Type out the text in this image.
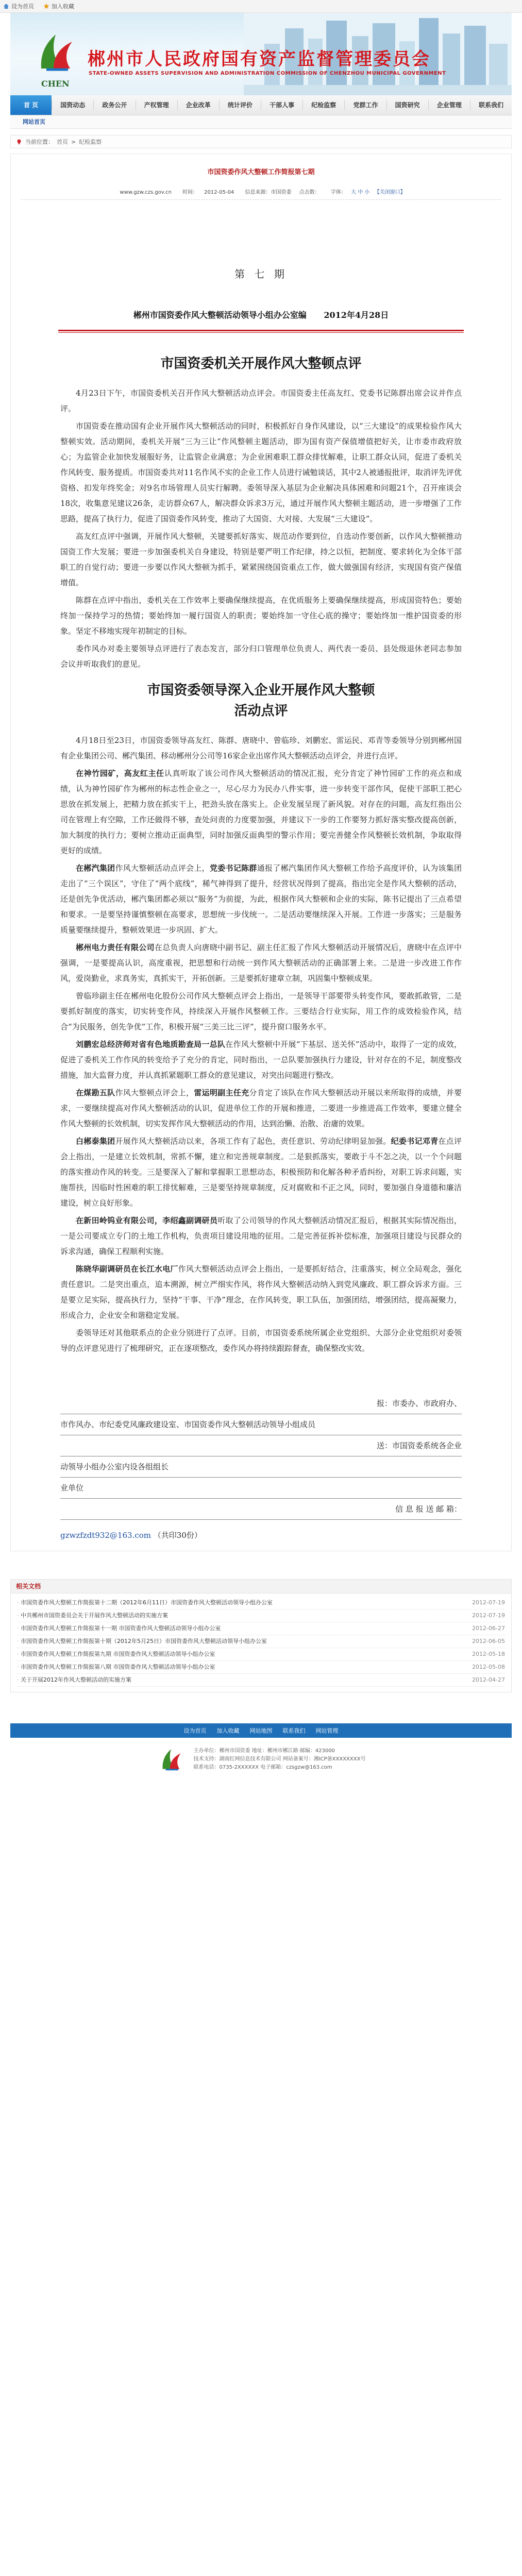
设为首页	加入收藏
CHEN
郴州市人民政府国有资产监督管理委员会
STATE-OWNED ASSETS SUPERVISION AND ADMINISTRATION COMMISSION OF CHENZHOU MUNICIPAL GOVERNMENT
首 页	国资动态	政务公开	产权管理	企业改革	统计评价	干部人事	纪检监察	党群工作	国资研究	企业管理	联系我们
网站首页
当前位置： 首页 > 纪检监察
市国资委作风大整顿工作简报第七期
www.gzw.czs.gov.cn 时间： 2012-05-04 信息来源：市国资委 点击数： 字体： 大 中 小 【关闭窗口】
第 七 期
郴州市国资委作风大整顿活动领导小组办公室编 2012年4月28日
市国资委机关开展作风大整顿点评

4月23日下午，市国资委机关召开作风大整顿活动点评会。市国资委主任高友红、党委书记陈群出席会议并作点评。

市国资委在推动国有企业开展作风大整顿活动的同时，积极抓好自身作风建设，以“三大建设”的成果检验作风大整顿实效。活动期间，委机关开展“三为三让”作风整顿主题活动，即为国有资产保值增值把好关，让市委市政府放心；为监管企业加快发展服好务，让监管企业满意；为企业困难职工群众排忧解难，让职工群众认同，促进了委机关作风转变、服务提质。市国资委共对11名作风不实的企业工作人员进行诫勉谈话，其中2人被通报批评，取消评先评优资格、扣发年终奖金；对9名市场管理人员实行解聘。委领导深入基层为企业解决具体困难和问题21个，召开座谈会18次，收集意见建议26条，走访群众67人，解决群众诉求3万元，通过开展作风大整顿主题活动，进一步增强了工作思路，提高了执行力，促进了国资委作风转变，推动了大国资、大对接、大发展“三大建设”。

高友红点评中强调，开展作风大整顿，关键要抓好落实、规范动作要到位，自选动作要创新，以作风大整顿推动国资工作大发展；要进一步加强委机关自身建设，特别是要严明工作纪律，持之以恒，把制度、要求转化为全体干部职工的自觉行动；要进一步要以作风大整顿为抓手，紧紧围绕国资重点工作，做大做强国有经济，实现国有资产保值增值。

陈群在点评中指出，委机关在工作效率上要确保继续提高，在优质服务上要确保继续提高，形成国资特色；要始终加一保持学习的热情；要始终加一履行国资人的职责；要始终加一守住心底的操守；要始终加一维护国资委的形象。坚定不移地实现年初制定的目标。

委作风办对委主要领导点评进行了表态发言，部分归口管理单位负责人、两代表一委员、县处级退休老同志参加会议并听取我们的意见。

市国资委领导深入企业开展作风大整顿
活动点评

4月18日至23日，市国资委领导高友红、陈群、唐晓中、曾临珍、刘鹏宏、雷运民、邓青等委领导分别到郴州国有企业集团公司、郴汽集团、移动郴州分公司等16家企业出席作风大整顿活动点评会，并进行点评。

在神竹园矿，高友红主任认真听取了该公司作风大整顿活动的情况汇报，充分肯定了神竹园矿工作的亮点和成绩，认为神竹园矿作为郴州的标志性企业之一，尽心尽力为民办八件实事，进一步转变干部作风，促使干部职工把心思放在抓发展上，把精力放在抓实干上，把劲头放在落实上。企业发展呈现了新风貌。对存在的问题，高友红指出公司在管理上有空隙，工作还做得不够，查处问责的力度要加强，并建议下一步的工作要努力抓好落实整改提高创新，加大制度的执行力；要树立推动正面典型，同时加强反面典型的警示作用；要完善健全作风整顿长效机制，争取取得更好的成绩。

在郴汽集团作风大整顿活动点评会上，党委书记陈群通报了郴汽集团作风大整顿工作给予高度评价，认为该集团走出了“三个误区”，守住了“两个底线”，稀气神得到了提升，经营状况得到了提高，指出完全是作风大整顿的活动，还是创先争优活动，郴汽集团都必须以“服务”为前提，为此，根据作风大整顿和企业的实际，陈书记提出了三点希望和要求。一是要坚持谨慎整顿在高要求，思想统一步伐统一。二是活动要继续深入开展。工作进一步落实；三是服务质量要继续提升，整顿效果进一步巩固、扩大。

郴州电力责任有限公司在总负责人向唐晓中副书记、副主任汇报了作风大整顿活动开展情况后，唐晓中在点评中强调，一是要提高认识，高度重视，把思想和行动统一到作风大整顿活动的正确部署上来。二是进一步改进工作作风，爱岗勤业，求真务实，真抓实干，开拓创新。三是要抓好建章立制，巩固集中整顿成果。

曾临珍副主任在郴州电化股份公司作风大整顿点评会上指出，一是领导干部要带头转变作风，要敢抓敢管，二是要抓好制度的落实，切实转变作风，持续深入开展作风整顿工作。三要结合行业实际，用工作的成效检验作风，结合“为民服务，创先争优”工作，积极开展“三美三比三评”，提升窗口服务水平。

刘鹏宏总经济师对省有色地质勘查局一总队在作风大整顿中开展“下基层、送关怀”活动中，取得了一定的成效，促进了委机关工作作风的转变给予了充分的肯定，同时指出，一总队要加强执行力建设，针对存在的不足，制度整改措施，加大监督力度，并认真抓紧题职工群众的意见建议，对突出问题进行整改。

在煤勘五队作风大整顿点评会上，雷运明副主任充分肯定了该队在作风大整顿活动开展以来所取得的成绩，并要求，一要继续提高对作风大整顿活动的认识，促进单位工作的开展和推进，二要进一步推进高工作效率，要建立健全作风大整顿的长效机制，切实发挥作风大整顿活动的作用，达到治懒、治散、治庸的效果。

白郴泰集团开展作风大整顿活动以来，各项工作有了起色，责任意识、劳动纪律明显加强。纪委书记邓青在点评会上指出，一是建立长效机制，常抓不懈，建立和完善规章制度。二是狠抓落实，要敢于斗不怎之决，以一个个问题的落实推动作风的转变。三是要深入了解和掌握职工思想动态，积极预防和化解各种矛盾纠纷，对职工诉求问题，实施帮扶，因临时性困难的职工排忧解难，三是要坚持规章制度，反对腐败和不正之风，同时，要加强自身道德和廉洁建设，树立良好形象。

在新田岭钨业有限公司，李绍鑫副调研员听取了公司领导的作风大整顿活动情况汇报后，根据其实际情况指出，一是公司要成立专门的土地工作机构，负责项目建设用地的征用。二是完善征拆补偿标准，加强项目建设与民群众的诉求沟通，确保工程顺利实施。

陈晓华副调研员在长江水电厂作风大整顿活动点评会上指出，一是要抓好结合，注重落实，树立全局观念，强化责任意识。二是突出重点，追本溯源，树立严细实作风，将作风大整顿活动纳入到党风廉政、职工群众诉求方面。三是要立足实际，提高执行力，坚持“干事、干净”理念，在作风转变，职工队伍，加强团结，增强团结，提高凝聚力，形成合力，企业安全和谐稳定发展。

委领导还对其他联系点的企业分别进行了点评。目前，市国资委系统所属企业党组织、大部分企业党组织对委领导的点评意见进行了梳理研究，正在逐项整改，委作风办将持续跟踪督查，确保整改实效。

报：市委办、市政府办、
市作风办、市纪委党风廉政建设室、市国资委作风大整顿活动领导小组成员
送：市国资委系统各企业
动领导小组办公室内设各组组长
业单位
信 息 报 送 邮 箱：
gzwzfzdt932@163.com （共印30份）
相关文档
· 市国资委作风大整顿工作简报第十二期（2012年6月11日）市国资委作风大整顿活动领导小组办公室	2012-07-19
· 中共郴州市国资委员会关于开展作风大整顿活动的实施方案	2012-07-19
· 市国资委作风大整顿工作简报第十一期 市国资委作风大整顿活动领导小组办公室	2012-06-27
· 市国资委作风大整顿工作简报第十期（2012年5月25日）市国资委作风大整顿活动领导小组办公室	2012-06-05
· 市国资委作风大整顿工作简报第九期 市国资委作风大整顿活动领导小组办公室	2012-05-18
· 市国资委作风大整顿工作简报第八期 市国资委作风大整顿活动领导小组办公室	2012-05-08
· 关于开展2012年作风大整顿活动的实施方案	2012-04-27
设为首页 加入收藏 网站地图 联系我们 网站管理
主办单位：郴州市国资委 地址：郴州市郴江路 邮编：423000
技术支持：湖南红网信息技术有限公司 网站备案号：湘ICP备XXXXXXXX号
联系电话：0735-2XXXXXX 电子邮箱：czsgzw@163.com
